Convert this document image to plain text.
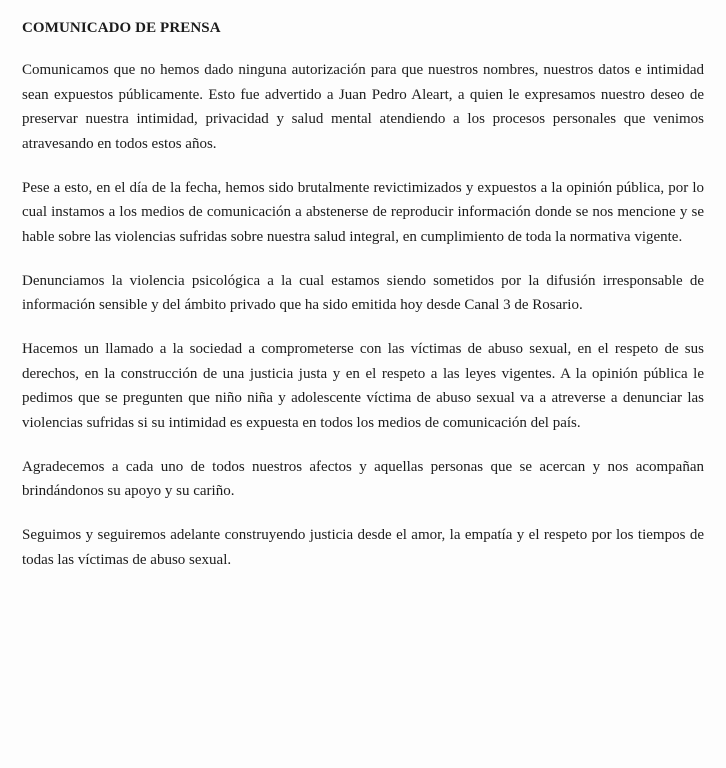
COMUNICADO DE PRENSA

Comunicamos que no hemos dado ninguna autorización para que nuestros nombres, nuestros datos e intimidad sean expuestos públicamente. Esto fue advertido a Juan Pedro Aleart, a quien le expresamos nuestro deseo de preservar nuestra intimidad, privacidad y salud mental atendiendo a los procesos personales que venimos atravesando en todos estos años.

Pese a esto, en el día de la fecha, hemos sido brutalmente revictimizados y expuestos a la opinión pública, por lo cual instamos a los medios de comunicación a abstenerse de reproducir información donde se nos mencione y se hable sobre las violencias sufridas sobre nuestra salud integral, en cumplimiento de toda la normativa vigente.

Denunciamos la violencia psicológica a la cual estamos siendo sometidos por la difusión irresponsable de información sensible y del ámbito privado que ha sido emitida hoy desde Canal 3 de Rosario.

Hacemos un llamado a la sociedad a comprometerse con las víctimas de abuso sexual, en el respeto de sus derechos, en la construcción de una justicia justa y en el respeto a las leyes vigentes. A la opinión pública le pedimos que se pregunten que niño niña y adolescente víctima de abuso sexual va a atreverse a denunciar las violencias sufridas si su intimidad es expuesta en todos los medios de comunicación del país.

Agradecemos a cada uno de todos nuestros afectos y aquellas personas que se acercan y nos acompañan brindándonos su apoyo y su cariño.

Seguimos y seguiremos adelante construyendo justicia desde el amor, la empatía y el respeto por los tiempos de todas las víctimas de abuso sexual.
